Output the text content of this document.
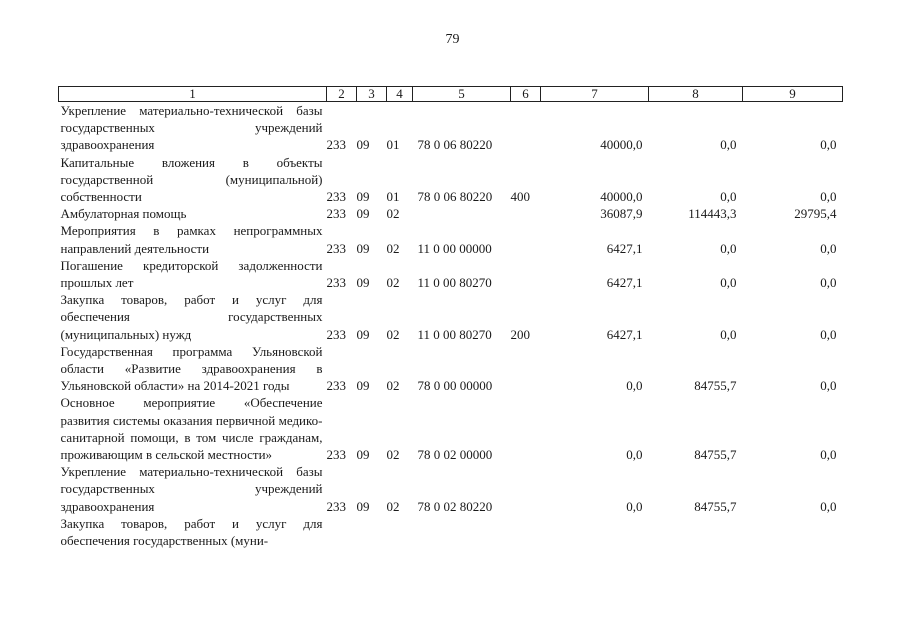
79
1	2	3	4	5	6	7	8	9
Укрепление материально-технической базы государственных учреждений здравоохранения	233	09	01	78 0 06 80220		40000,0	0,0	0,0
Капитальные вложения в объекты государственной (муниципальной) собственности	233	09	01	78 0 06 80220	400	40000,0	0,0	0,0
Амбулаторная помощь	233	09	02			36087,9	114443,3	29795,4
Мероприятия в рамках непрограммных направлений деятельности	233	09	02	11 0 00 00000		6427,1	0,0	0,0
Погашение кредиторской задолженности прошлых лет	233	09	02	11 0 00 80270		6427,1	0,0	0,0
Закупка товаров, работ и услуг для обеспечения государственных (муниципальных) нужд	233	09	02	11 0 00 80270	200	6427,1	0,0	0,0
Государственная программа Ульяновской области «Развитие здравоохранения в Ульяновской области» на 2014-2021 годы	233	09	02	78 0 00 00000		0,0	84755,7	0,0
Основное мероприятие «Обеспечение развития системы оказания первичной медико-санитарной помощи, в том числе гражданам, проживающим в сельской местности»	233	09	02	78 0 02 00000		0,0	84755,7	0,0
Укрепление материально-технической базы государственных учреждений здравоохранения	233	09	02	78 0 02 80220		0,0	84755,7	0,0
Закупка товаров, работ и услуг для обеспечения государственных (муни-								
